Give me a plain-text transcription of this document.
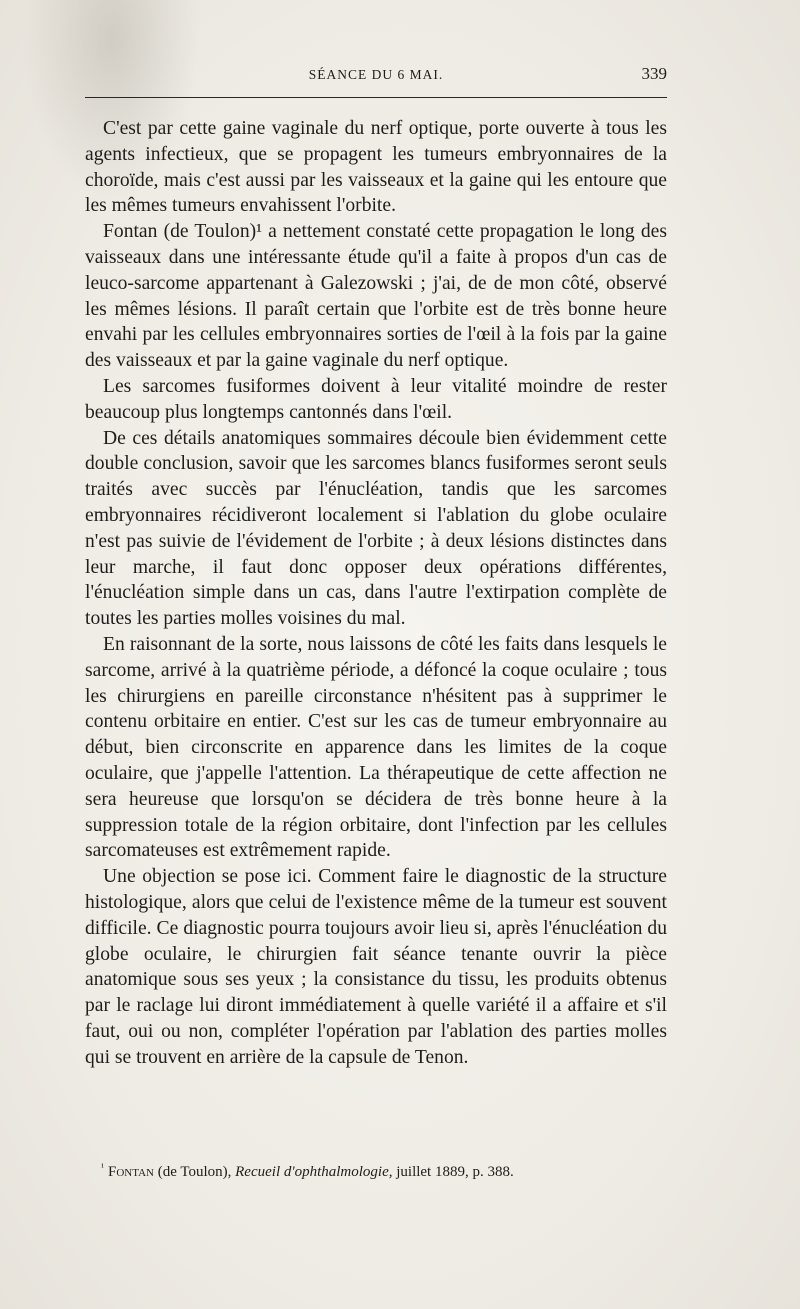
SÉANCE DU 6 MAI.	339

C'est par cette gaine vaginale du nerf optique, porte ouverte à tous les agents infectieux, que se propagent les tumeurs embryonnaires de la choroïde, mais c'est aussi par les vaisseaux et la gaine qui les entoure que les mêmes tumeurs envahissent l'orbite.

Fontan (de Toulon)¹ a nettement constaté cette propagation le long des vaisseaux dans une intéressante étude qu'il a faite à propos d'un cas de leuco-sarcome appartenant à Galezowski ; j'ai, de de mon côté, observé les mêmes lésions. Il paraît certain que l'orbite est de très bonne heure envahi par les cellules embryonnaires sorties de l'œil à la fois par la gaine des vaisseaux et par la gaine vaginale du nerf optique.

Les sarcomes fusiformes doivent à leur vitalité moindre de rester beaucoup plus longtemps cantonnés dans l'œil.

De ces détails anatomiques sommaires découle bien évidemment cette double conclusion, savoir que les sarcomes blancs fusiformes seront seuls traités avec succès par l'énucléation, tandis que les sarcomes embryonnaires récidiveront localement si l'ablation du globe oculaire n'est pas suivie de l'évidement de l'orbite ; à deux lésions distinctes dans leur marche, il faut donc opposer deux opérations différentes, l'énucléation simple dans un cas, dans l'autre l'extirpation complète de toutes les parties molles voisines du mal.

En raisonnant de la sorte, nous laissons de côté les faits dans lesquels le sarcome, arrivé à la quatrième période, a défoncé la coque oculaire ; tous les chirurgiens en pareille circonstance n'hésitent pas à supprimer le contenu orbitaire en entier. C'est sur les cas de tumeur embryonnaire au début, bien circonscrite en apparence dans les limites de la coque oculaire, que j'appelle l'attention. La thérapeutique de cette affection ne sera heureuse que lorsqu'on se décidera de très bonne heure à la suppression totale de la région orbitaire, dont l'infection par les cellules sarcomateuses est extrêmement rapide.

Une objection se pose ici. Comment faire le diagnostic de la structure histologique, alors que celui de l'existence même de la tumeur est souvent difficile. Ce diagnostic pourra toujours avoir lieu si, après l'énucléation du globe oculaire, le chirurgien fait séance tenante ouvrir la pièce anatomique sous ses yeux ; la consistance du tissu, les produits obtenus par le raclage lui diront immédiatement à quelle variété il a affaire et s'il faut, oui ou non, compléter l'opération par l'ablation des parties molles qui se trouvent en arrière de la capsule de Tenon.

$^{^1}$ Fontan (de Toulon), Recueil d'ophthalmologie, juillet 1889, p. 388.
